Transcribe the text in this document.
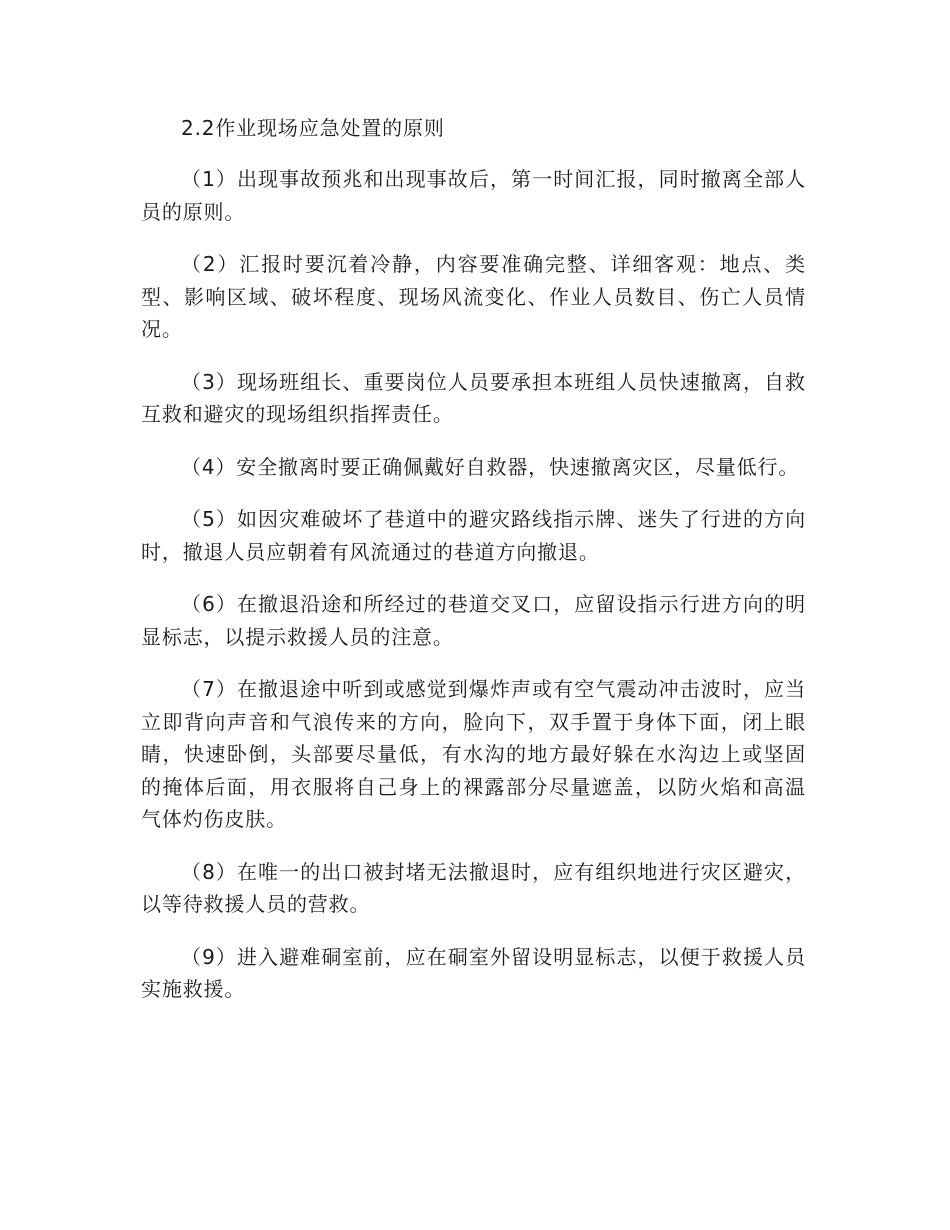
2.2作业现场应急处置的原则

（1）出现事故预兆和出现事故后，第一时间汇报，同时撤离全部人员的原则。

（2）汇报时要沉着冷静，内容要准确完整、详细客观：地点、类型、影响区域、破坏程度、现场风流变化、作业人员数目、伤亡人员情况。

（3）现场班组长、重要岗位人员要承担本班组人员快速撤离，自救互救和避灾的现场组织指挥责任。

（4）安全撤离时要正确佩戴好自救器，快速撤离灾区，尽量低行。

（5）如因灾难破坏了巷道中的避灾路线指示牌、迷失了行进的方向时，撤退人员应朝着有风流通过的巷道方向撤退。

（6）在撤退沿途和所经过的巷道交叉口，应留设指示行进方向的明显标志，以提示救援人员的注意。

（7）在撤退途中听到或感觉到爆炸声或有空气震动冲击波时，应当立即背向声音和气浪传来的方向，脸向下，双手置于身体下面，闭上眼睛，快速卧倒，头部要尽量低，有水沟的地方最好躲在水沟边上或坚固的掩体后面，用衣服将自己身上的裸露部分尽量遮盖，以防火焰和高温气体灼伤皮肤。

（8）在唯一的出口被封堵无法撤退时，应有组织地进行灾区避灾，以等待救援人员的营救。

（9）进入避难硐室前，应在硐室外留设明显标志，以便于救援人员实施救援。
